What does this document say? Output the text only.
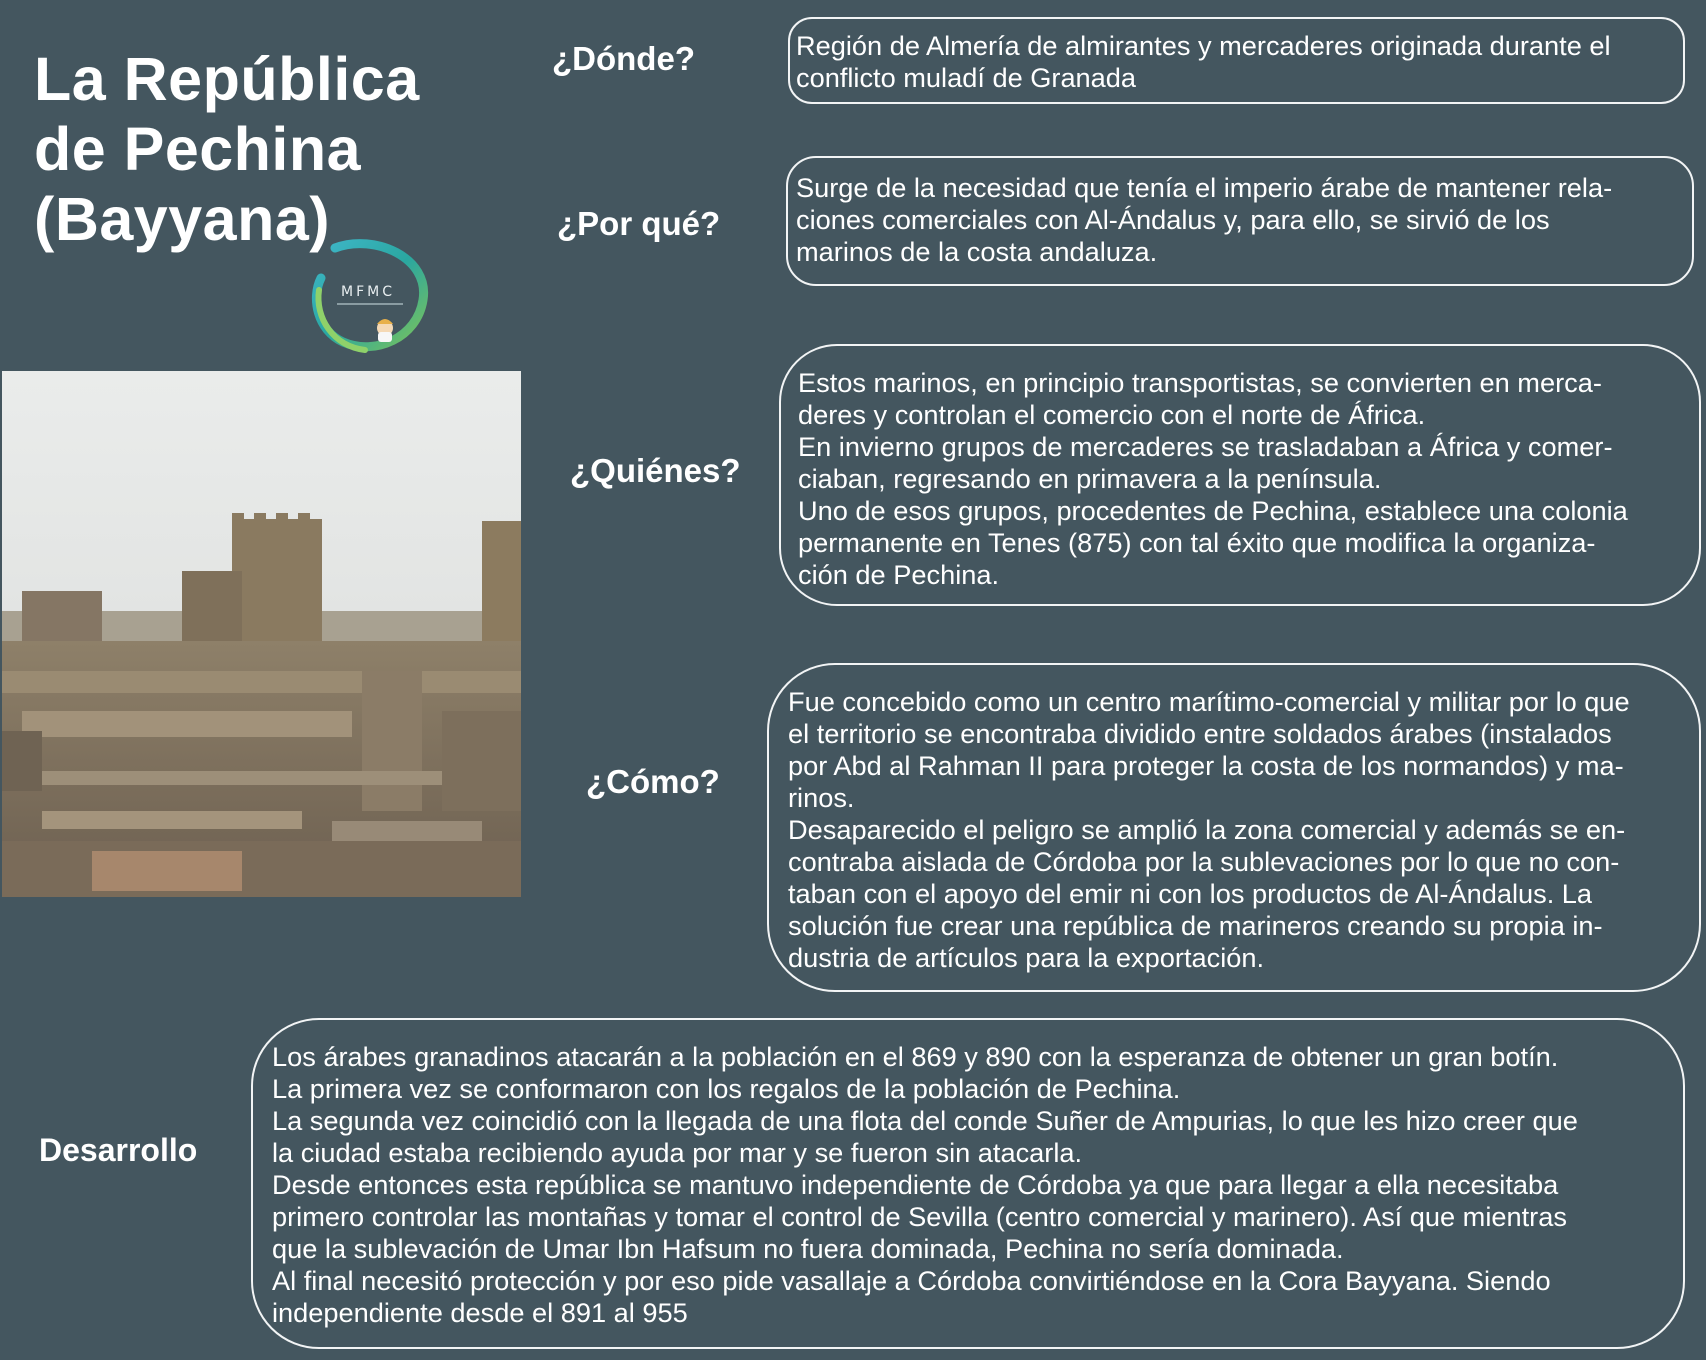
La República
de Pechina
(Bayyana)
MFMC
¿Dónde?	Región de Almería de almirantes y mercaderes originada durante el
conflicto muladí de Granada
¿Por qué?
Surge de la necesidad que tenía el imperio árabe de mantener rela-
ciones comerciales con Al-Ándalus y, para ello, se sirvió de los
marinos de la costa andaluza.
¿Quiénes?
Estos marinos, en principio transportistas, se convierten en merca-
deres y controlan el comercio con el norte de África.
En invierno grupos de mercaderes se trasladaban a África y comer-
ciaban, regresando en primavera a la península.
Uno de esos grupos, procedentes de Pechina, establece una colonia
permanente en Tenes (875) con tal éxito que modifica la organiza-
ción de Pechina.
¿Cómo?
Fue concebido como un centro marítimo-comercial y militar por lo que
el territorio se encontraba dividido entre soldados árabes (instalados
por Abd al Rahman II para proteger la costa de los normandos) y ma-
rinos.
Desaparecido el peligro se amplió la zona comercial y además se en-
contraba aislada de Córdoba por la sublevaciones por lo que no con-
taban con el apoyo del emir ni con los productos de Al-Ándalus. La
solución fue crear una república de marineros creando su propia in-
dustria de artículos para la exportación.
Desarrollo
Los árabes granadinos atacarán a la población en el 869 y 890 con la esperanza de obtener un gran botín.
La primera vez se conformaron con los regalos de la población de Pechina.
La segunda vez coincidió con la llegada de una flota del conde Suñer de Ampurias, lo que les hizo creer que
la ciudad estaba recibiendo ayuda por mar y se fueron sin atacarla.
Desde entonces esta república se mantuvo independiente de Córdoba ya que para llegar a ella necesitaba
primero controlar las montañas y tomar el control de Sevilla (centro comercial y marinero). Así que mientras
que la sublevación de Umar Ibn Hafsum no fuera dominada, Pechina no sería dominada.
Al final necesitó protección y por eso pide vasallaje a Córdoba convirtiéndose en la Cora Bayyana. Siendo
independiente desde el 891 al 955
